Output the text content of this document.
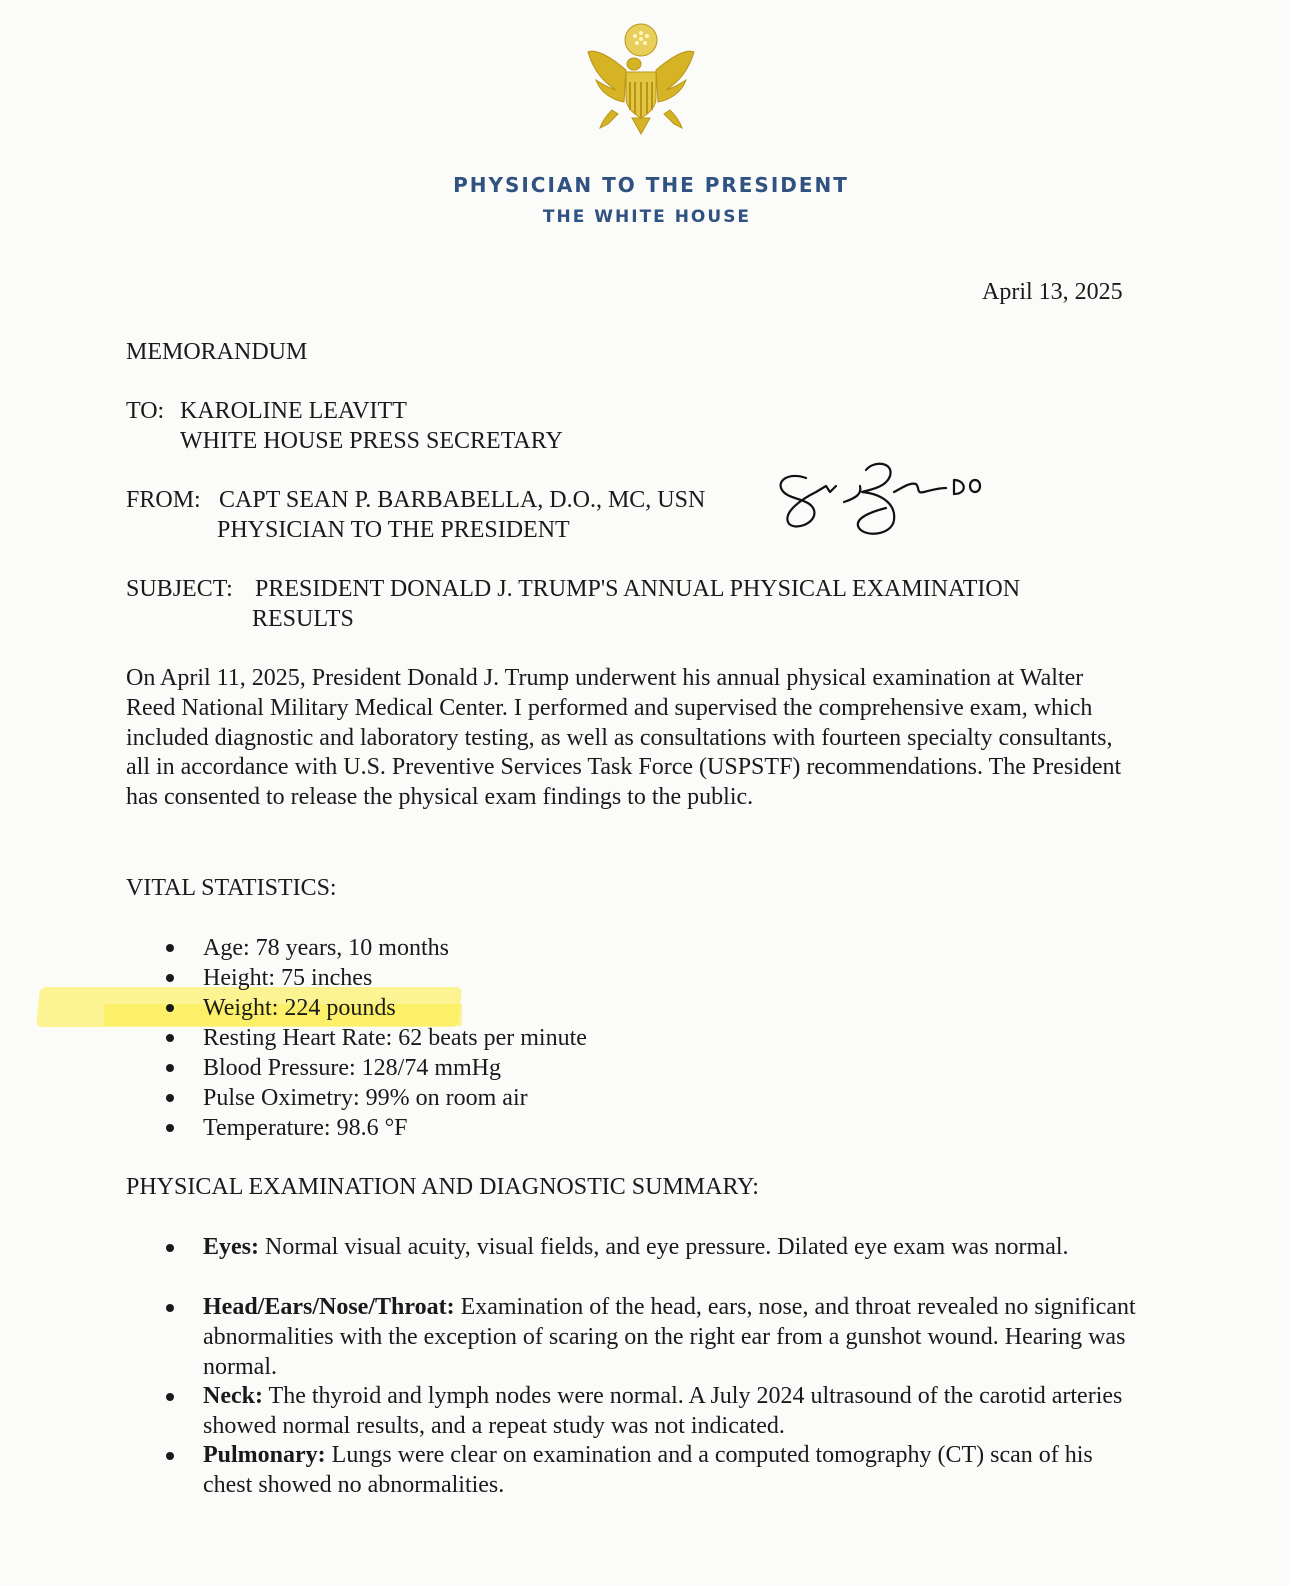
PHYSICIAN TO THE PRESIDENT
THE WHITE HOUSE
April 13, 2025
MEMORANDUM
TO: KAROLINE LEAVITT
WHITE HOUSE PRESS SECRETARY
FROM: CAPT SEAN P. BARBABELLA, D.O., MC, USN
PHYSICIAN TO THE PRESIDENT
SUBJECT: PRESIDENT DONALD J. TRUMP'S ANNUAL PHYSICAL EXAMINATION
RESULTS
On April 11, 2025, President Donald J. Trump underwent his annual physical examination at Walter Reed National Military Medical Center. I performed and supervised the comprehensive exam, which included diagnostic and laboratory testing, as well as consultations with fourteen specialty consultants, all in accordance with U.S. Preventive Services Task Force (USPSTF) recommendations. The President has consented to release the physical exam findings to the public.
VITAL STATISTICS:
Age: 78 years, 10 months
Height: 75 inches
Weight: 224 pounds
Resting Heart Rate: 62 beats per minute
Blood Pressure: 128/74 mmHg
Pulse Oximetry: 99% on room air
Temperature: 98.6 °F
PHYSICAL EXAMINATION AND DIAGNOSTIC SUMMARY:
Eyes: Normal visual acuity, visual fields, and eye pressure. Dilated eye exam was normal.
Head/Ears/Nose/Throat: Examination of the head, ears, nose, and throat revealed no significant abnormalities with the exception of scaring on the right ear from a gunshot wound. Hearing was normal.
Neck: The thyroid and lymph nodes were normal. A July 2024 ultrasound of the carotid arteries showed normal results, and a repeat study was not indicated.
Pulmonary: Lungs were clear on examination and a computed tomography (CT) scan of his chest showed no abnormalities.
